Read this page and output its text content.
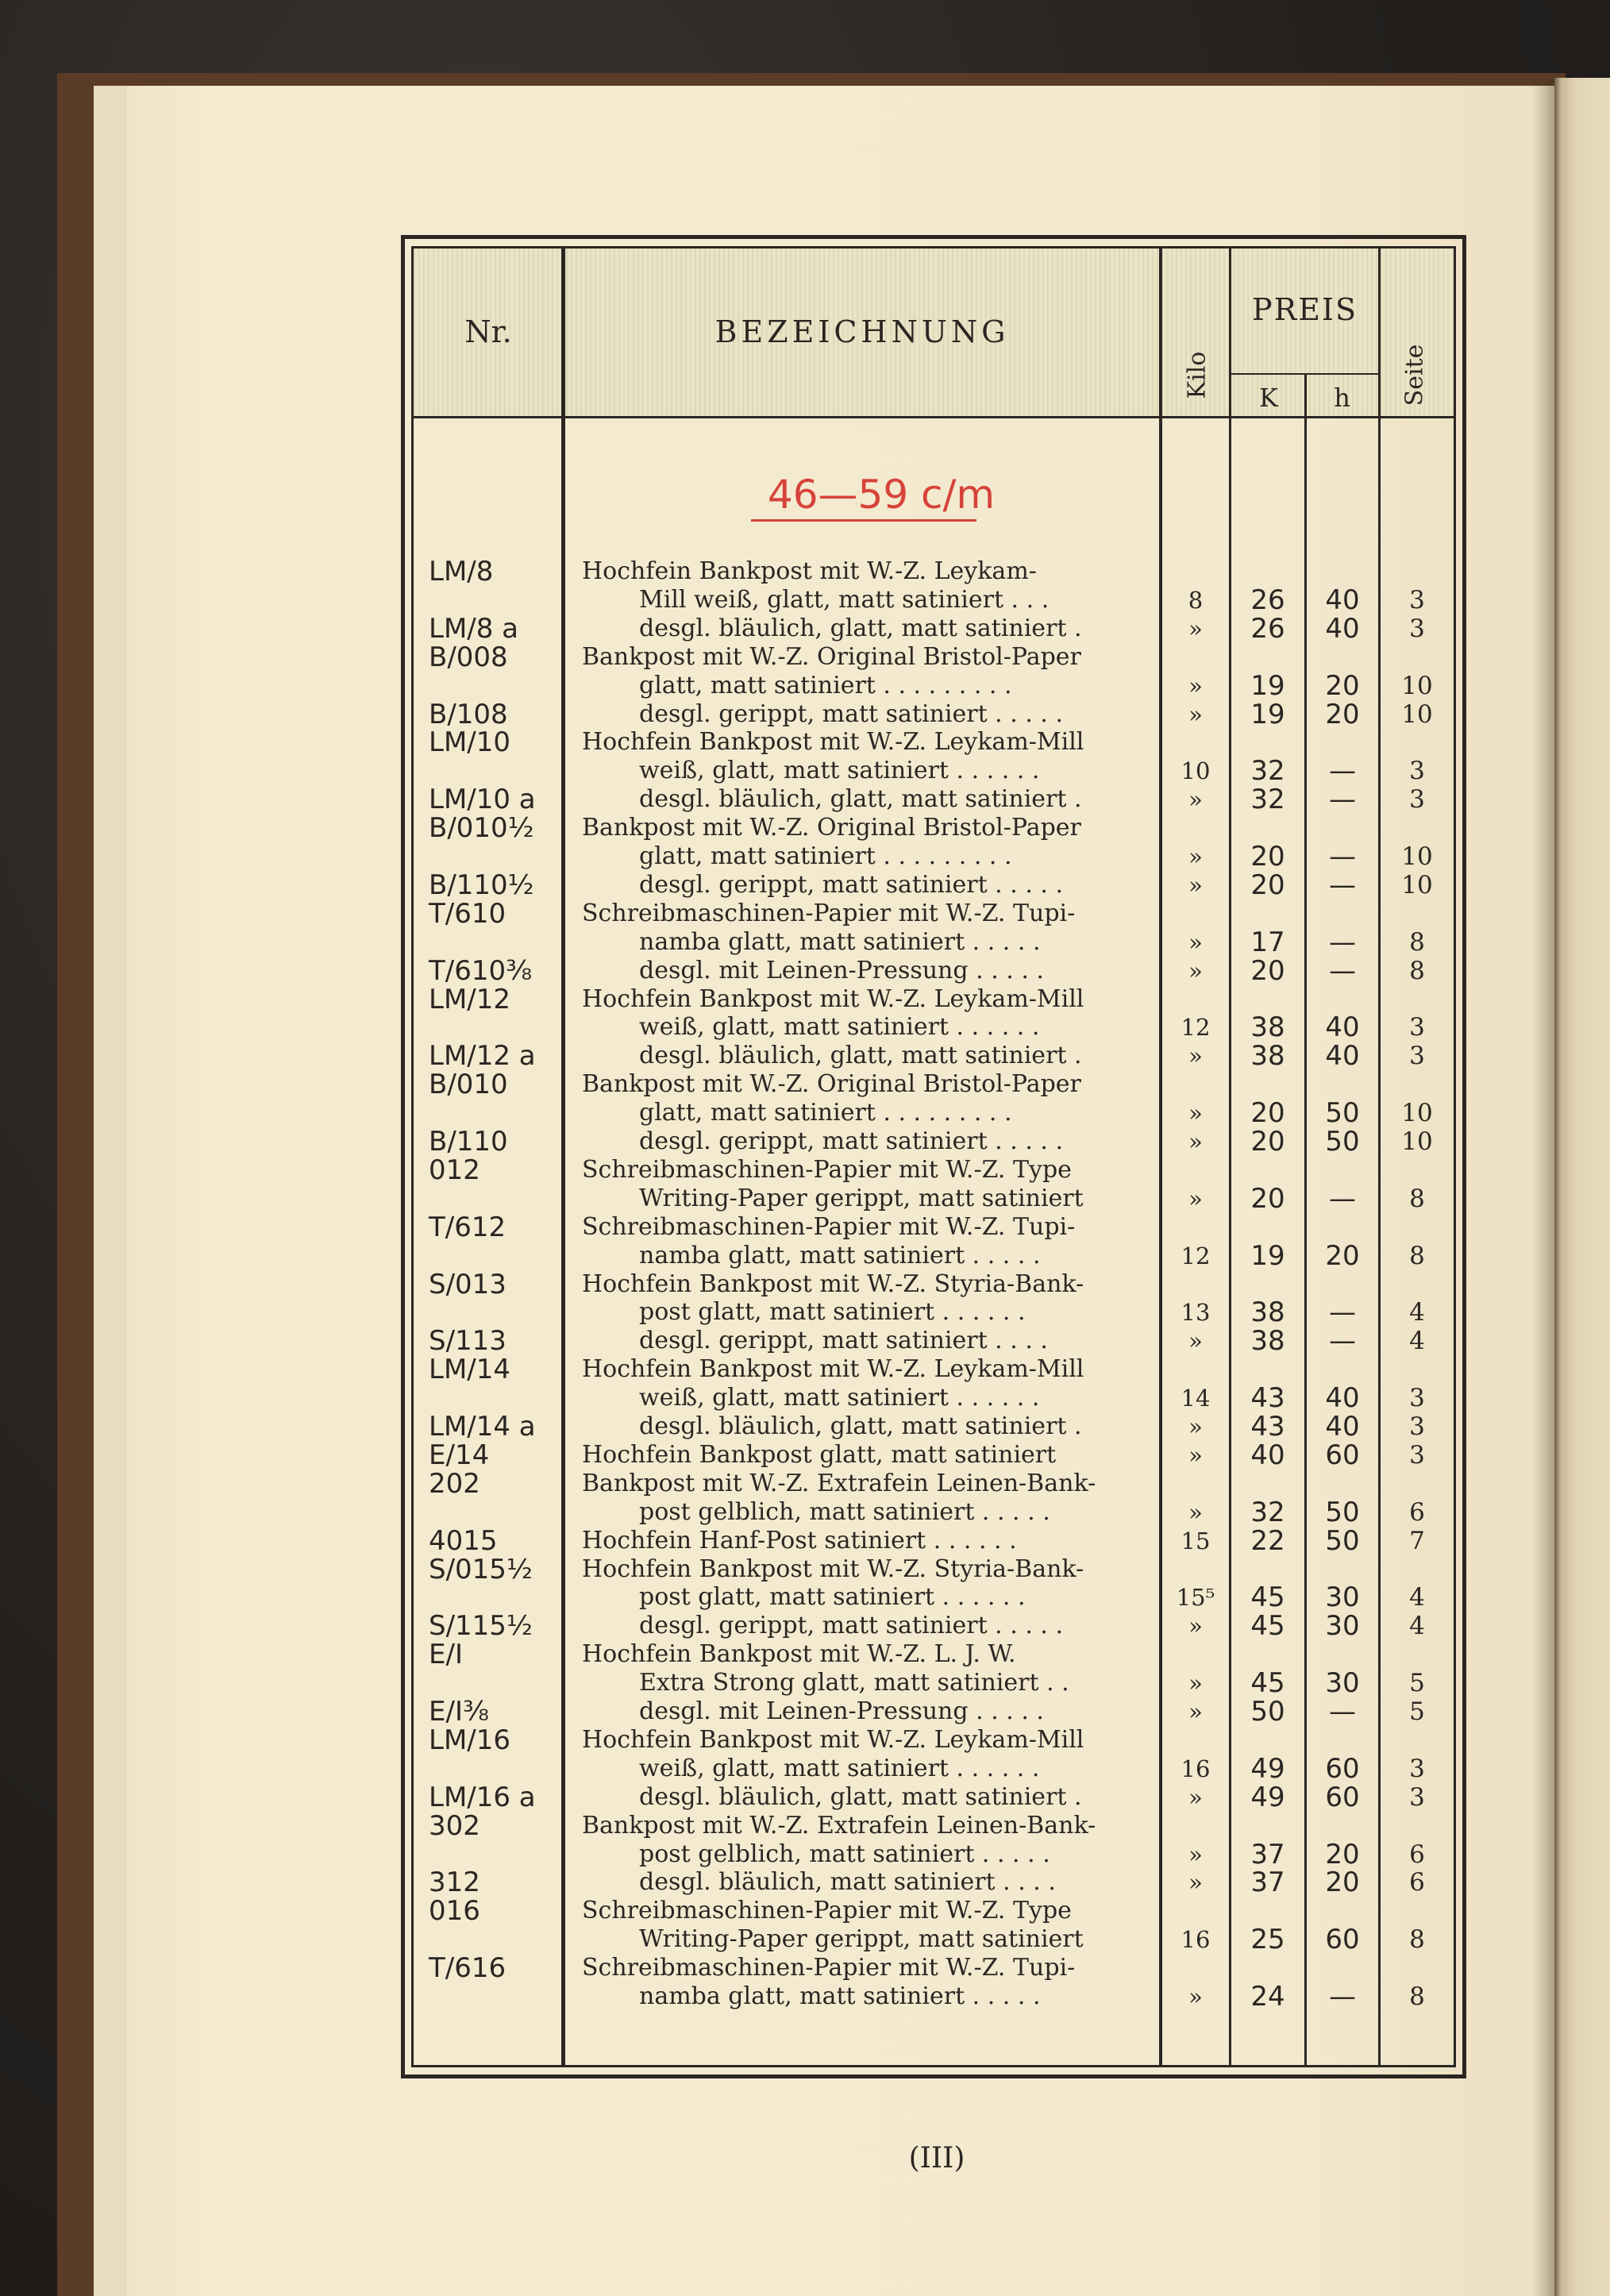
Nr.	BEZEICHNUNG
PREIS
K	h
Kilo	Seite
46—59 c/m
LM/8	Hochfein Bankpost mit W.-Z. Leykam-
Mill weiß, glatt, matt satiniert . . .	8	26	40	3
LM/8 a	desgl. bläulich, glatt, matt satiniert .	»	26	40	3
B/008	Bankpost mit W.-Z. Original Bristol-Paper
glatt, matt satiniert . . . . . . . . .	»	19	20	10
B/108	desgl. gerippt, matt satiniert . . . . .	»	19	20	10
LM/10	Hochfein Bankpost mit W.-Z. Leykam-Mill
weiß, glatt, matt satiniert . . . . . .	10	32	—	3
LM/10 a	desgl. bläulich, glatt, matt satiniert .	»	32	—	3
B/010½	Bankpost mit W.-Z. Original Bristol-Paper
glatt, matt satiniert . . . . . . . . .	»	20	—	10
B/110½	desgl. gerippt, matt satiniert . . . . .	»	20	—	10
T/610	Schreibmaschinen-Papier mit W.-Z. Tupi-
namba glatt, matt satiniert . . . . .	»	17	—	8
T/610⅜	desgl. mit Leinen-Pressung . . . . .	»	20	—	8
LM/12	Hochfein Bankpost mit W.-Z. Leykam-Mill
weiß, glatt, matt satiniert . . . . . .	12	38	40	3
LM/12 a	desgl. bläulich, glatt, matt satiniert .	»	38	40	3
B/010	Bankpost mit W.-Z. Original Bristol-Paper
glatt, matt satiniert . . . . . . . . .	»	20	50	10
B/110	desgl. gerippt, matt satiniert . . . . .	»	20	50	10
012	Schreibmaschinen-Papier mit W.-Z. Type
Writing-Paper gerippt, matt satiniert	»	20	—	8
T/612	Schreibmaschinen-Papier mit W.-Z. Tupi-
namba glatt, matt satiniert . . . . .	12	19	20	8
S/013	Hochfein Bankpost mit W.-Z. Styria-Bank-
post glatt, matt satiniert . . . . . .	13	38	—	4
S/113	desgl. gerippt, matt satiniert . . . .	»	38	—	4
LM/14	Hochfein Bankpost mit W.-Z. Leykam-Mill
weiß, glatt, matt satiniert . . . . . .	14	43	40	3
LM/14 a	desgl. bläulich, glatt, matt satiniert .	»	43	40	3
E/14	Hochfein Bankpost glatt, matt satiniert	»	40	60	3
202	Bankpost mit W.-Z. Extrafein Leinen-Bank-
post gelblich, matt satiniert . . . . .	»	32	50	6
4015	Hochfein Hanf-Post satiniert . . . . . .	15	22	50	7
S/015½	Hochfein Bankpost mit W.-Z. Styria-Bank-
post glatt, matt satiniert . . . . . .	15⁵	45	30	4
S/115½	desgl. gerippt, matt satiniert . . . . .	»	45	30	4
E/I	Hochfein Bankpost mit W.-Z. L. J. W.
Extra Strong glatt, matt satiniert . .	»	45	30	5
E/I⅜	desgl. mit Leinen-Pressung . . . . .	»	50	—	5
LM/16	Hochfein Bankpost mit W.-Z. Leykam-Mill
weiß, glatt, matt satiniert . . . . . .	16	49	60	3
LM/16 a	desgl. bläulich, glatt, matt satiniert .	»	49	60	3
302	Bankpost mit W.-Z. Extrafein Leinen-Bank-
post gelblich, matt satiniert . . . . .	»	37	20	6
312	desgl. bläulich, matt satiniert . . . .	»	37	20	6
016	Schreibmaschinen-Papier mit W.-Z. Type
Writing-Paper gerippt, matt satiniert	16	25	60	8
T/616	Schreibmaschinen-Papier mit W.-Z. Tupi-
namba glatt, matt satiniert . . . . .	»	24	—	8
(III)
